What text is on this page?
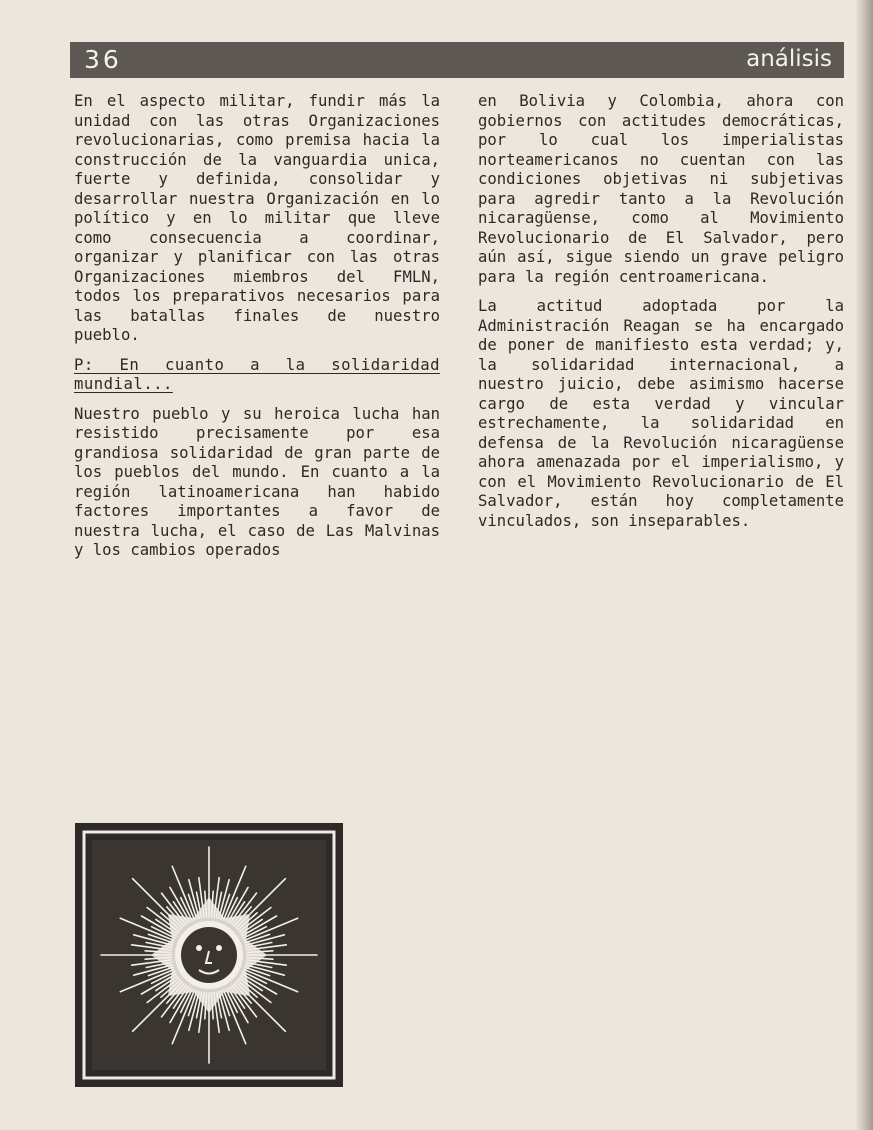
36	análisis

En el aspecto militar, fundir más la unidad con las otras Organizaciones revolucionarias, como premisa hacia la construcción de la vanguardia unica, fuerte y definida, consolidar y desarrollar nuestra Organización en lo político y en lo militar que lleve como consecuencia a coordinar, organizar y planificar con las otras Organizaciones miembros del FMLN, todos los preparativos necesarios para las batallas finales de nuestro pueblo.

P: En cuanto a la solidaridad mundial...

Nuestro pueblo y su heroica lucha han resistido precisamente por esa grandiosa solidaridad de gran parte de los pueblos del mundo. En cuanto a la región latinoamericana han habido factores importantes a favor de nuestra lucha, el caso de Las Malvinas y los cambios operados

en Bolivia y Colombia, ahora con gobiernos con actitudes democráticas, por lo cual los imperialistas norteamericanos no cuentan con las condiciones objetivas ni subjetivas para agredir tanto a la Revolución nicaragüense, como al Movimiento Revolucionario de El Salvador, pero aún así, sigue siendo un grave peligro para la región centroamericana.

La actitud adoptada por la Administración Reagan se ha encargado de poner de manifiesto esta verdad; y, la solidaridad internacional, a nuestro juicio, debe asimismo hacerse cargo de esta verdad y vincular estrechamente, la solidaridad en defensa de la Revolución nicaragüense ahora amenazada por el imperialismo, y con el Movimiento Revolucionario de El Salvador, están hoy completamente vinculados, son inseparables.
